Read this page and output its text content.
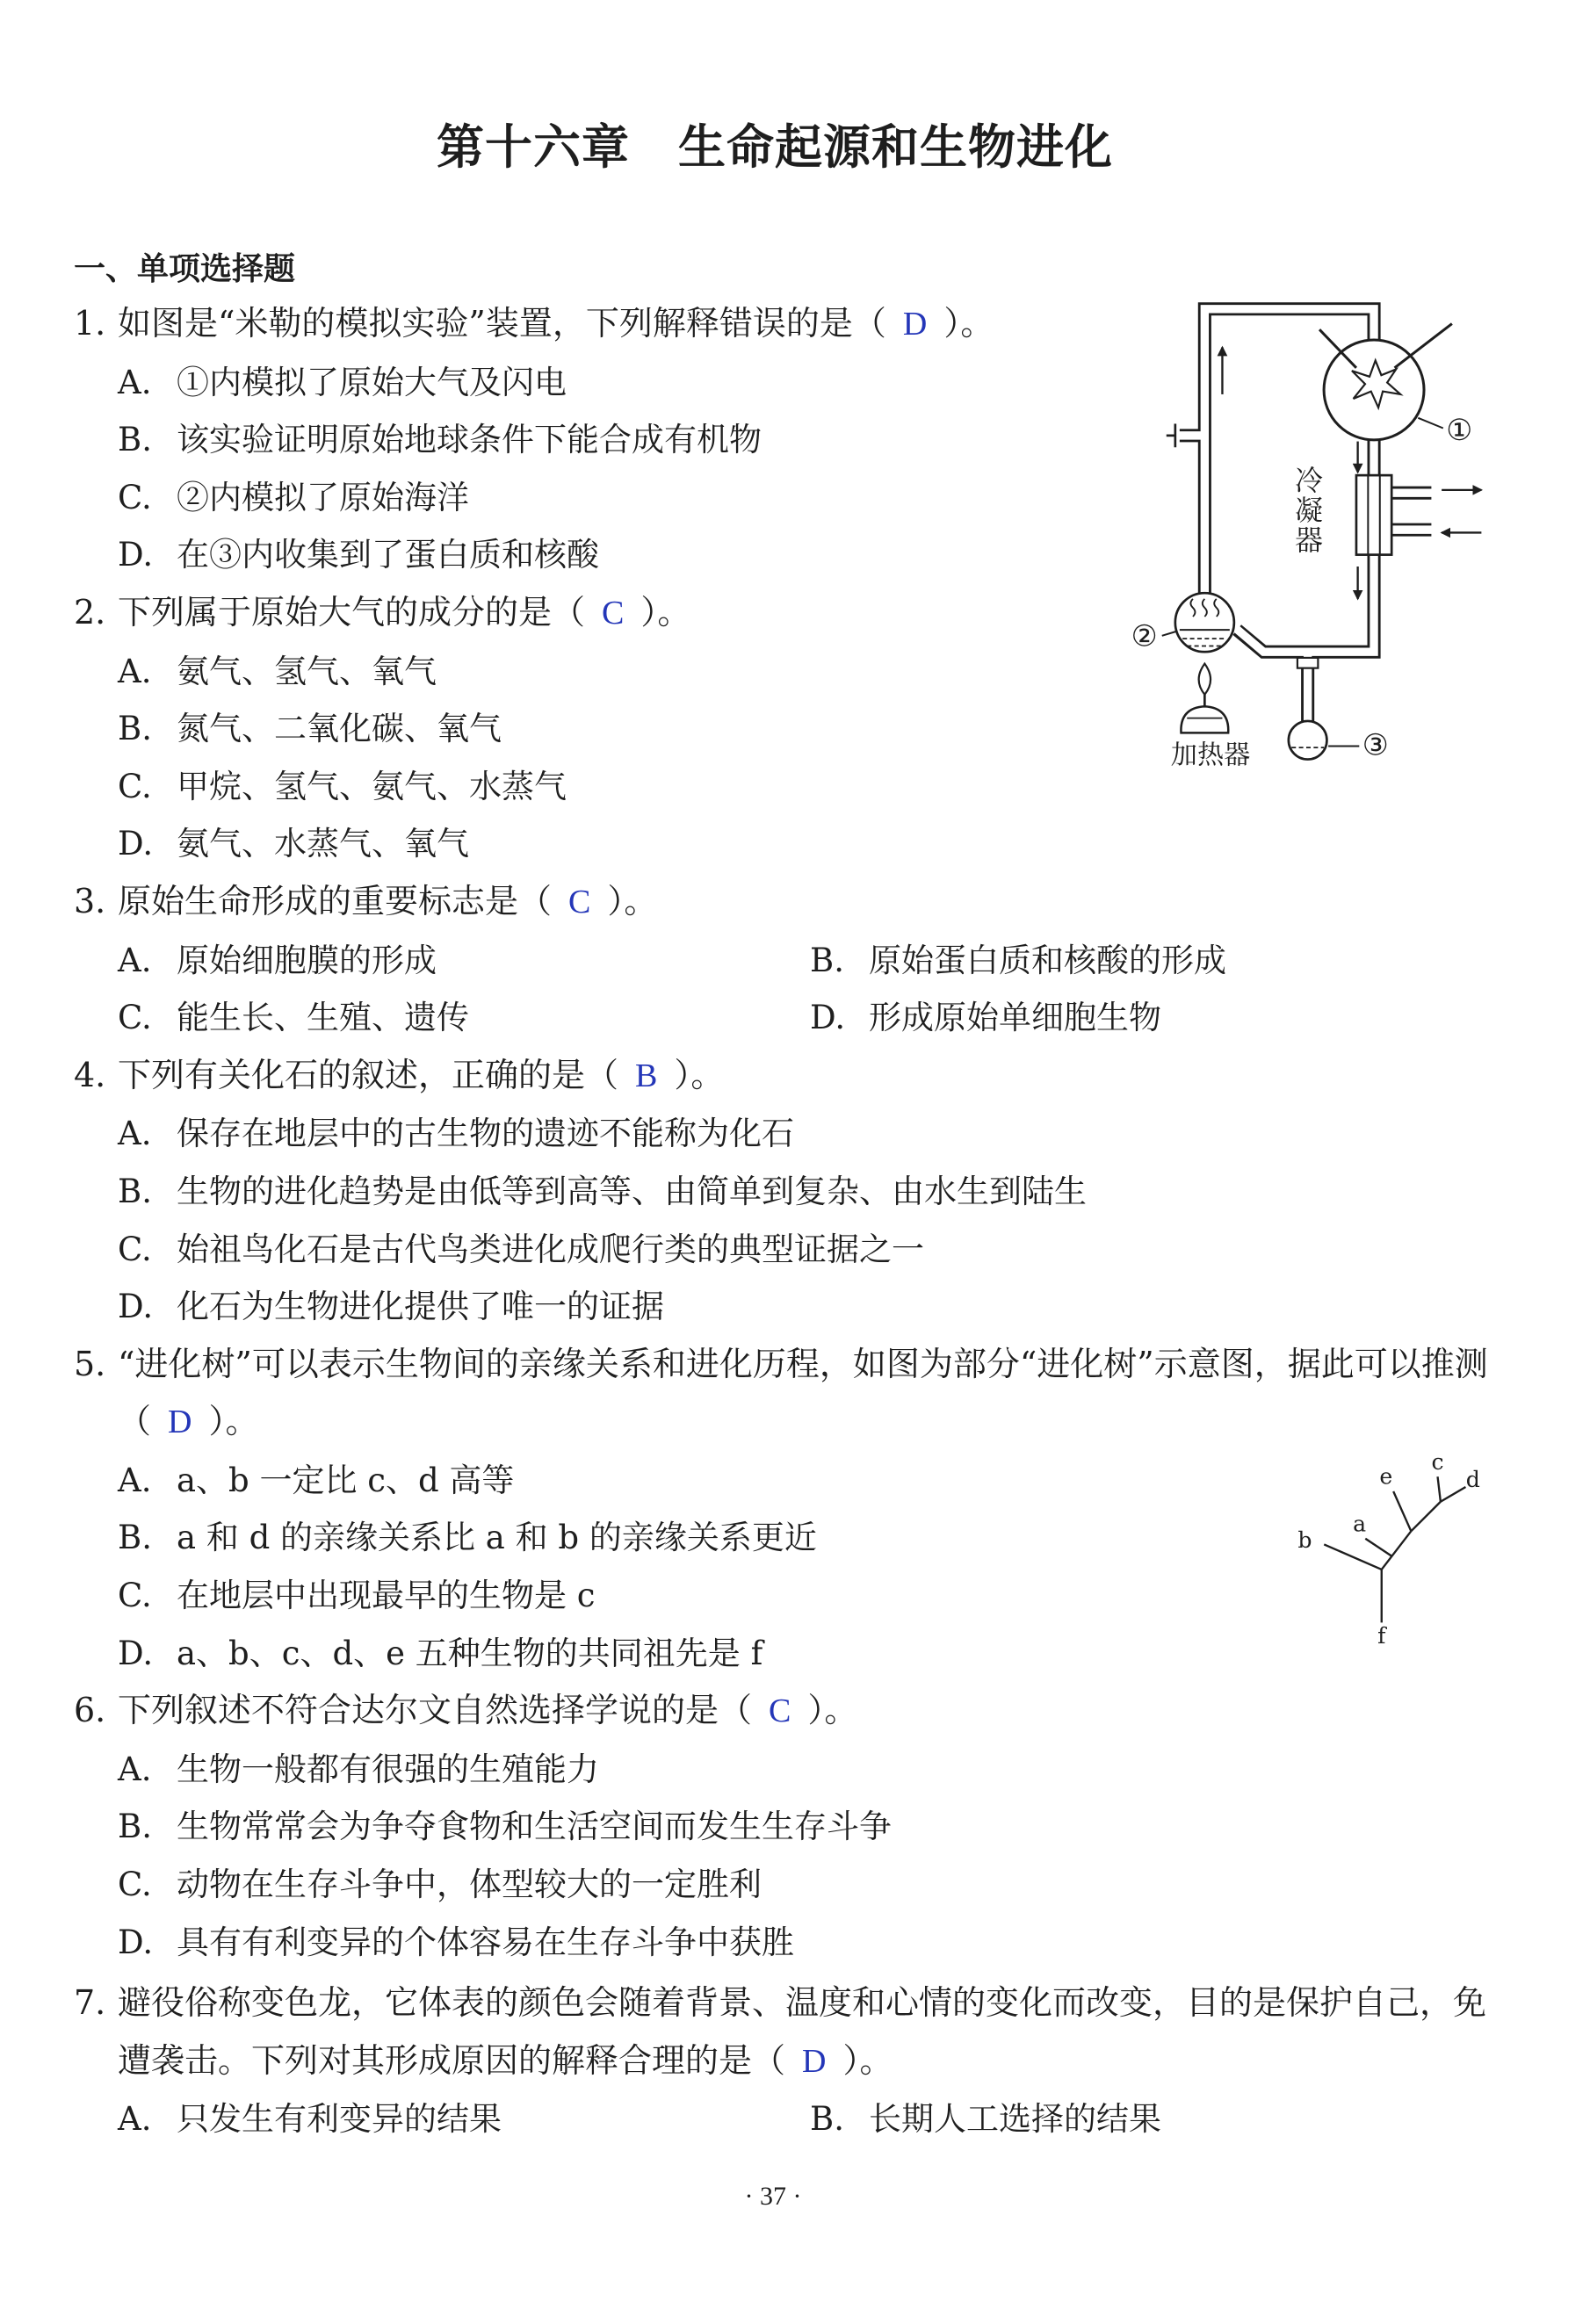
第十六章　生命起源和生物进化
一、单项选择题
1. 如图是“米勒的模拟实验”装置，下列解释错误的是（ D ）。
A. ①内模拟了原始大气及闪电
B. 该实验证明原始地球条件下能合成有机物
C. ②内模拟了原始海洋
D. 在③内收集到了蛋白质和核酸
2. 下列属于原始大气的成分的是（ C ）。
A. 氨气、氢气、氧气
B. 氮气、二氧化碳、氧气
C. 甲烷、氢气、氨气、水蒸气
D. 氨气、水蒸气、氧气
3. 原始生命形成的重要标志是（ C ）。
A. 原始细胞膜的形成	B. 原始蛋白质和核酸的形成
C. 能生长、生殖、遗传	D. 形成原始单细胞生物
4. 下列有关化石的叙述，正确的是（ B ）。
A. 保存在地层中的古生物的遗迹不能称为化石
B. 生物的进化趋势是由低等到高等、由简单到复杂、由水生到陆生
C. 始祖鸟化石是古代鸟类进化成爬行类的典型证据之一
D. 化石为生物进化提供了唯一的证据
5. “进化树”可以表示生物间的亲缘关系和进化历程，如图为部分“进化树”示意图，据此可以推测（ D ）。
A. a、b 一定比 c、d 高等
B. a 和 d 的亲缘关系比 a 和 b 的亲缘关系更近
C. 在地层中出现最早的生物是 c
D. a、b、c、d、e 五种生物的共同祖先是 f
6. 下列叙述不符合达尔文自然选择学说的是（ C ）。
A. 生物一般都有很强的生殖能力
B. 生物常常会为争夺食物和生活空间而发生生存斗争
C. 动物在生存斗争中，体型较大的一定胜利
D. 具有有利变异的个体容易在生存斗争中获胜
7. 避役俗称变色龙，它体表的颜色会随着背景、温度和心情的变化而改变，目的是保护自己，免遭袭击。下列对其形成原因的解释合理的是（ D ）。
A. 只发生有利变异的结果	B. 长期人工选择的结果
①
②
加热器	③
冷凝器
f
b
a
e
c
d
· 37 ·
